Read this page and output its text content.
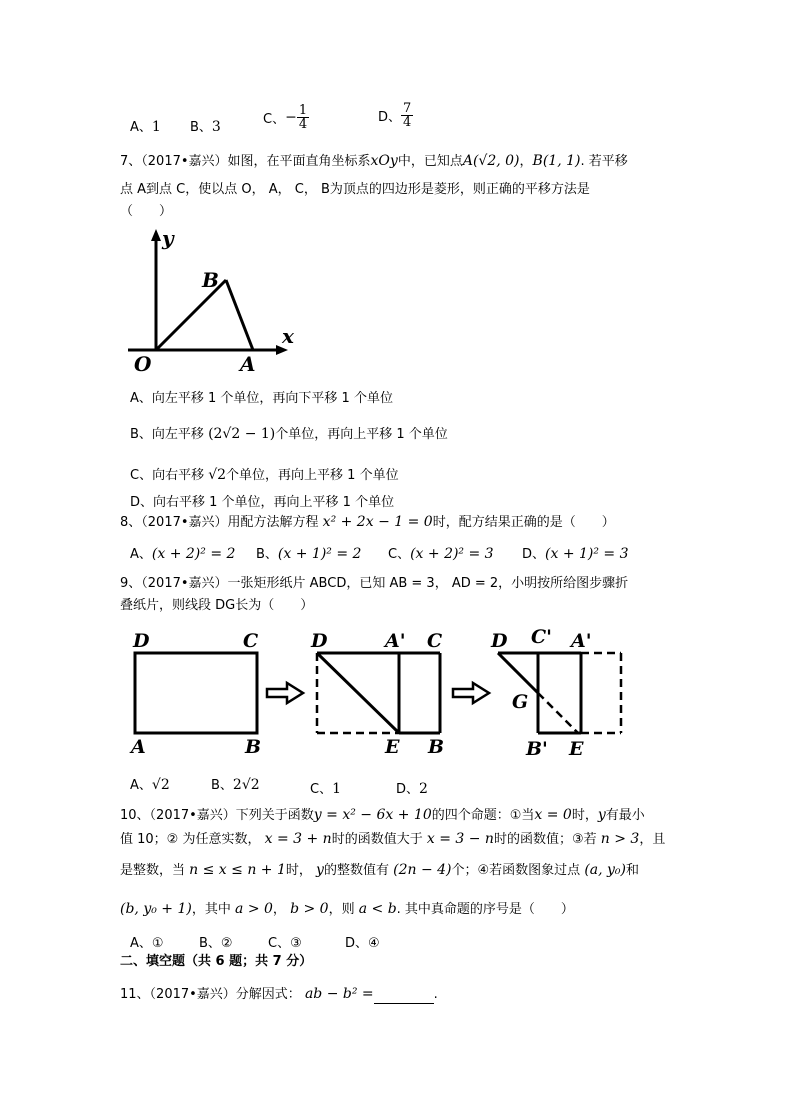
A、1 B、3	C、− $\frac{1}{4}$	D、 $\frac{7}{4}$
7、（2017•嘉兴）如图，在平面直角坐标系xOy中，已知点A(√2, 0)，B(1, 1). 若平移
点 A到点 C，使以点 O， A， C， B为顶点的四边形是菱形，则正确的平移方法是
（　　）
y
x
O	A
B
A、向左平移 1 个单位，再向下平移 1 个单位
B、向左平移 (2√2 − 1)个单位，再向上平移 1 个单位
C、向右平移 √2个单位，再向上平移 1 个单位
D、向右平移 1 个单位，再向上平移 1 个单位
8、（2017•嘉兴）用配方法解方程 x² + 2x − 1 = 0时，配方结果正确的是（　　）
A、(x + 2)² = 2 B、(x + 1)² = 2 C、(x + 2)² = 3 D、(x + 1)² = 3
9、（2017•嘉兴）一张矩形纸片 ABCD，已知 AB = 3， AD = 2，小明按所给图步骤折
叠纸片，则线段 DG长为（　　）
D	C
A	B
D	A' C
E B
D C' A'
G
B' E
A、√2	B、2√2	C、1	D、2
10、（2017•嘉兴）下列关于函数y = x² − 6x + 10的四个命题：①当x = 0时，y有最小
值 10；② 为任意实数， x = 3 + n时的函数值大于 x = 3 − n时的函数值；③若 n > 3，且
是整数，当 n ≤ x ≤ n + 1时， y的整数值有 (2n − 4)个；④若函数图象过点 (a, y₀)和
(b, y₀ + 1)，其中 a > 0， b > 0，则 a < b. 其中真命题的序号是（　　）
A、①	B、②	C、③	D、④
二、填空题（共 6 题；共 7 分）
11、（2017•嘉兴）分解因式： ab − b² =	.
